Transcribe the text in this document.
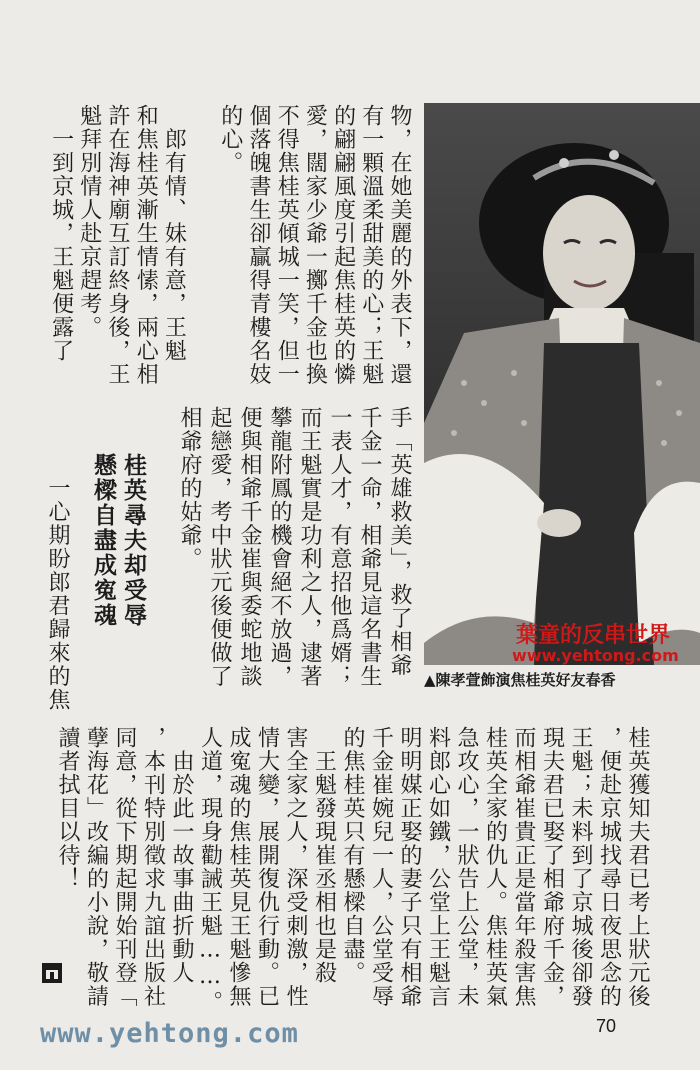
物，在她美麗的外表下，還
有一顆溫柔甜美的心；王魁
的翩翩風度引起焦桂英的憐
愛，闊家少爺一擲千金也換
不得焦桂英傾城一笑，但一
個落魄書生卻贏得青樓名妓
的心。
　郎有情、妹有意，王魁
和焦桂英漸生情愫，兩心相
許在海神廟互訂終身後，王
魁拜別情人赴京趕考。
　一到京城，王魁便露了
手「英雄救美」，救了相爺
千金一命，相爺見這名書生
一表人才，有意招他爲婿；
而王魁實是功利之人，逮著
攀龍附鳳的機會絕不放過，
便與相爺千金崔與委蛇地談
起戀愛，考中狀元後便做了
相爺府的姑爺。
桂英獲知夫君已考上狀元後
，便赴京城找尋日夜思念的
王魁；未料到了京城後卻發
現夫君已娶了相爺府千金，
而相爺崔貴正是當年殺害焦
桂英全家的仇人。焦桂英氣
急攻心，一狀告上公堂，未
料郎心如鐵，公堂上王魁言
明明媒正娶的妻子只有相爺
千金崔婉兒一人，公堂受辱
的焦桂英只有懸樑自盡。
　王魁發現崔丞相也是殺
害全家之人，深受刺激，性
情大變，展開復仇行動。已
成寃魂的焦桂英見王魁慘無
人道，現身勸誡王魁……。
　由於此一故事曲折動人
，本刊特別徵求九誼出版社
同意，從下期起開始刊登「
孽海花」改編的小說，敬請
讀者拭目以待！
桂英尋夫却受辱
懸樑自盡成寃魂
　一心期盼郎君歸來的焦	葉童的反串世界
www.yehtong.com
▲陳孝萱飾演焦桂英好友春香
www.yehtong.com	70
